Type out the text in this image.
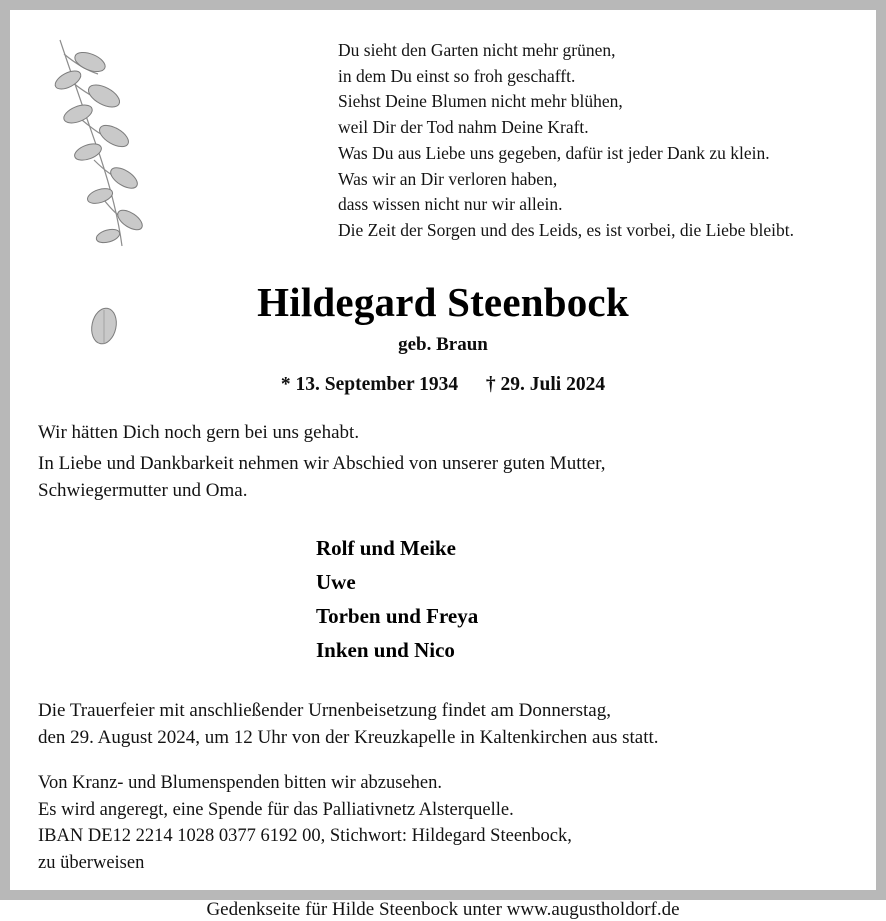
Du sieht den Garten nicht mehr grünen,
in dem Du einst so froh geschafft.
Siehst Deine Blumen nicht mehr blühen,
weil Dir der Tod nahm Deine Kraft.
Was Du aus Liebe uns gegeben, dafür ist jeder Dank zu klein.
Was wir an Dir verloren haben,
dass wissen nicht nur wir allein.
Die Zeit der Sorgen und des Leids, es ist vorbei, die Liebe bleibt.
Hildegard Steenbock
geb. Braun
* 13. September 1934 † 29. Juli 2024
Wir hätten Dich noch gern bei uns gehabt.
In Liebe und Dankbarkeit nehmen wir Abschied von unserer guten Mutter,
Schwiegermutter und Oma.
Rolf und Meike
Uwe
Torben und Freya
Inken und Nico
Die Trauerfeier mit anschließender Urnenbeisetzung findet am Donnerstag,
den 29. August 2024, um 12 Uhr von der Kreuzkapelle in Kaltenkirchen aus statt.
Von Kranz- und Blumenspenden bitten wir abzusehen.
Es wird angeregt, eine Spende für das Palliativnetz Alsterquelle.
IBAN DE12 2214 1028 0377 6192 00, Stichwort: Hildegard Steenbock,
zu überweisen
Gedenkseite für Hilde Steenbock unter www.augustholdorf.de
